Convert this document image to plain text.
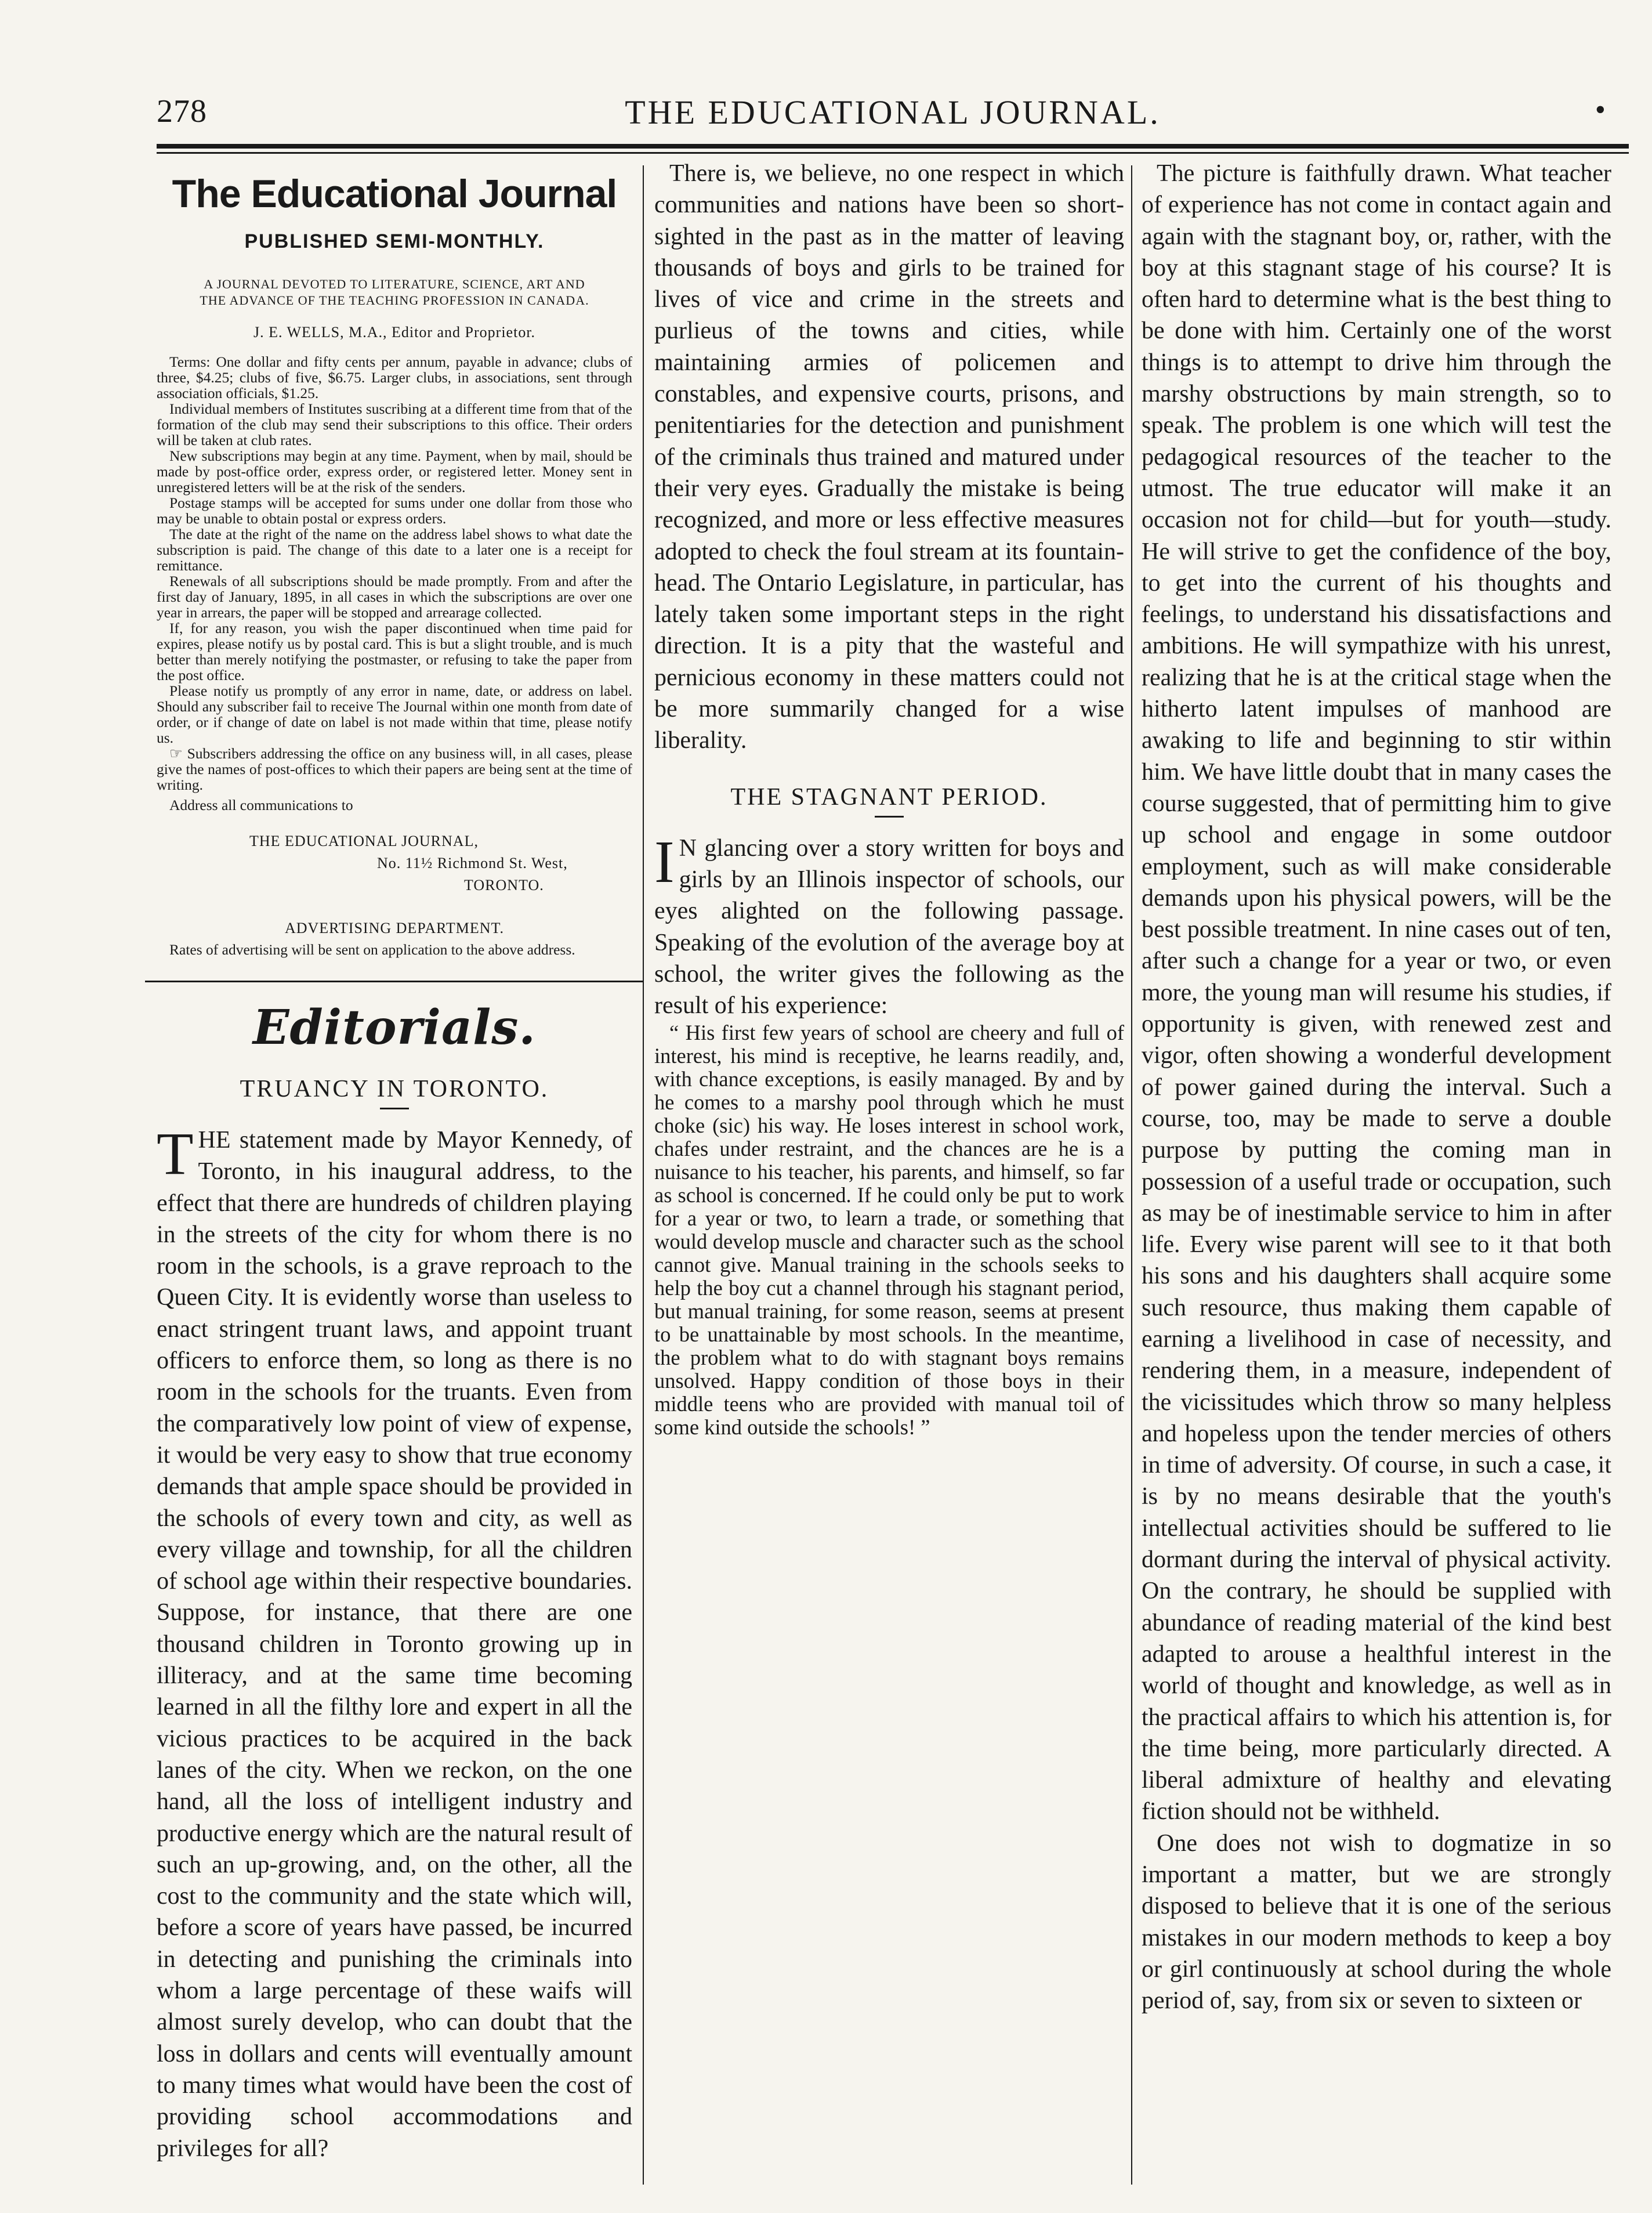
278	THE EDUCATIONAL JOURNAL.	•
The Educational Journal
PUBLISHED SEMI-MONTHLY.
A JOURNAL DEVOTED TO LITERATURE, SCIENCE, ART AND THE ADVANCE OF THE TEACHING PROFESSION IN CANADA.
J. E. WELLS, M.A., Editor and Proprietor.

Terms: One dollar and fifty cents per annum, payable in advance; clubs of three, $4.25; clubs of five, $6.75. Larger clubs, in associations, sent through association officials, $1.25.

Individual members of Institutes suscribing at a different time from that of the formation of the club may send their subscriptions to this office. Their orders will be taken at club rates.

New subscriptions may begin at any time. Payment, when by mail, should be made by post-office order, express order, or registered letter. Money sent in unregistered letters will be at the risk of the senders.

Postage stamps will be accepted for sums under one dollar from those who may be unable to obtain postal or express orders.

The date at the right of the name on the address label shows to what date the subscription is paid. The change of this date to a later one is a receipt for remittance.

Renewals of all subscriptions should be made promptly. From and after the first day of January, 1895, in all cases in which the subscriptions are over one year in arrears, the paper will be stopped and arrearage collected.

If, for any reason, you wish the paper discontinued when time paid for expires, please notify us by postal card. This is but a slight trouble, and is much better than merely notifying the postmaster, or refusing to take the paper from the post office.

Please notify us promptly of any error in name, date, or address on label. Should any subscriber fail to receive The Journal within one month from date of order, or if change of date on label is not made within that time, please notify us.

☞ Subscribers addressing the office on any business will, in all cases, please give the names of post-offices to which their papers are being sent at the time of writing.

Address all communications to

THE EDUCATIONAL JOURNAL,
No. 11½ Richmond St. West,
TORONTO.
ADVERTISING DEPARTMENT.

Rates of advertising will be sent on application to the above address.

Editorials.
TRUANCY IN TORONTO.

THE statement made by Mayor Kennedy, of Toronto, in his inaugural address, to the effect that there are hundreds of children playing in the streets of the city for whom there is no room in the schools, is a grave reproach to the Queen City. It is evidently worse than useless to enact stringent truant laws, and appoint truant officers to enforce them, so long as there is no room in the schools for the truants. Even from the comparatively low point of view of expense, it would be very easy to show that true economy demands that ample space should be provided in the schools of every town and city, as well as every village and township, for all the children of school age within their respective boundaries. Suppose, for instance, that there are one thousand children in Toronto growing up in illiteracy, and at the same time becoming learned in all the filthy lore and expert in all the vicious practices to be acquired in the back lanes of the city. When we reckon, on the one hand, all the loss of intelligent industry and productive energy which are the natural result of such an up-growing, and, on the other, all the cost to the community and the state which will, before a score of years have passed, be incurred in detecting and punishing the criminals into whom a large percentage of these waifs will almost surely develop, who can doubt that the loss in dollars and cents will eventually amount to many times what would have been the cost of providing school accommodations and privileges for all?

There is, we believe, no one respect in which communities and nations have been so short-sighted in the past as in the matter of leaving thousands of boys and girls to be trained for lives of vice and crime in the streets and purlieus of the towns and cities, while maintaining armies of policemen and constables, and expensive courts, prisons, and penitentiaries for the detection and punishment of the criminals thus trained and matured under their very eyes. Gradually the mistake is being recognized, and more or less effective measures adopted to check the foul stream at its fountain-head. The Ontario Legislature, in particular, has lately taken some important steps in the right direction. It is a pity that the wasteful and pernicious economy in these matters could not be more summarily changed for a wise liberality.

THE STAGNANT PERIOD.

I N glancing over a story written for boys and girls by an Illinois inspector of schools, our eyes alighted on the following passage. Speaking of the evolution of the average boy at school, the writer gives the following as the result of his experience:

“ His first few years of school are cheery and full of interest, his mind is receptive, he learns readily, and, with chance exceptions, is easily managed. By and by he comes to a marshy pool through which he must choke (sic) his way. He loses interest in school work, chafes under restraint, and the chances are he is a nuisance to his teacher, his parents, and himself, so far as school is concerned. If he could only be put to work for a year or two, to learn a trade, or something that would develop muscle and character such as the school cannot give. Manual training in the schools seeks to help the boy cut a channel through his stagnant period, but manual training, for some reason, seems at present to be unattainable by most schools. In the meantime, the problem what to do with stagnant boys remains unsolved. Happy condition of those boys in their middle teens who are provided with manual toil of some kind outside the schools! ”

The picture is faithfully drawn. What teacher of experience has not come in contact again and again with the stagnant boy, or, rather, with the boy at this stagnant stage of his course? It is often hard to determine what is the best thing to be done with him. Certainly one of the worst things is to attempt to drive him through the marshy obstructions by main strength, so to speak. The problem is one which will test the pedagogical resources of the teacher to the utmost. The true educator will make it an occasion not for child—but for youth—study. He will strive to get the confidence of the boy, to get into the current of his thoughts and feelings, to understand his dissatisfactions and ambitions. He will sympathize with his unrest, realizing that he is at the critical stage when the hitherto latent impulses of manhood are awaking to life and beginning to stir within him. We have little doubt that in many cases the course suggested, that of permitting him to give up school and engage in some outdoor employment, such as will make considerable demands upon his physical powers, will be the best possible treatment. In nine cases out of ten, after such a change for a year or two, or even more, the young man will resume his studies, if opportunity is given, with renewed zest and vigor, often showing a wonderful development of power gained during the interval. Such a course, too, may be made to serve a double purpose by putting the coming man in possession of a useful trade or occupation, such as may be of inestimable service to him in after life. Every wise parent will see to it that both his sons and his daughters shall acquire some such resource, thus making them capable of earning a livelihood in case of necessity, and rendering them, in a measure, independent of the vicissitudes which throw so many helpless and hopeless upon the tender mercies of others in time of adversity. Of course, in such a case, it is by no means desirable that the youth's intellectual activities should be suffered to lie dormant during the interval of physical activity. On the contrary, he should be supplied with abundance of reading material of the kind best adapted to arouse a healthful interest in the world of thought and knowledge, as well as in the practical affairs to which his attention is, for the time being, more particularly directed. A liberal admixture of healthy and elevating fiction should not be withheld.

One does not wish to dogmatize in so important a matter, but we are strongly disposed to believe that it is one of the serious mistakes in our modern methods to keep a boy or girl continuously at school during the whole period of, say, from six or seven to sixteen or
